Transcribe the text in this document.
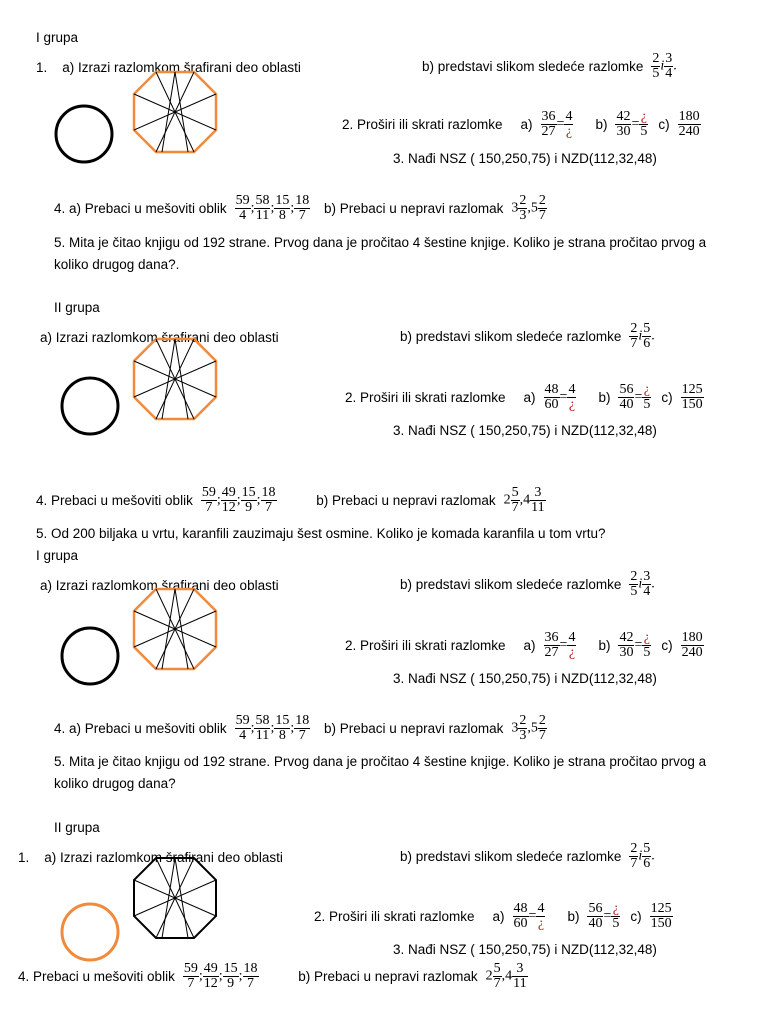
I grupa
1. a) Izrazi razlomkom šrafirani deo oblasti	b) predstavi slikom sledeće razlomke $\frac{2}{5}$ i $\frac{3}{4}$ .
2. Proširi ili skrati razlomke $a) \frac{36}{27} = \frac{4}{¿} b) \frac{42}{30} = \frac{¿}{5} c) \frac{180}{240}$
3. Nađi NSZ ( 150,250,75) i NZD(112,32,48)
4. a) Prebaci u mešoviti oblik $\frac{59}{4}$ ; $\frac{58}{11}$ ; $\frac{15}{8}$ ; $\frac{18}{7} b$) Prebaci u nepravi razlomak $3 \frac{2}{3} ,5 \frac{2}{7}$
5. Mita je čitao knjigu od 192 strane. Prvog dana je pročitao 4 šestine knjige. Koliko je strana pročitao prvog a
koliko drugog dana?.
II grupa
a) Izrazi razlomkom šrafirani deo oblasti	b) predstavi slikom sledeće razlomke $\frac{2}{7}$ i $\frac{5}{6}$ .
2. Proširi ili skrati razlomke $a) \frac{48}{60} = \frac{4}{¿} b) \frac{56}{40} = \frac{¿}{5} c) \frac{125}{150}$
3. Nađi NSZ ( 150,250,75) i NZD(112,32,48)
4. Prebaci u mešoviti oblik $\frac{59}{7}$ ; $\frac{49}{12}$ ; $\frac{15}{9}$ ; $\frac{18}{7}$	b) Prebaci u nepravi razlomak $2 \frac{5}{7} ,4 \frac{3}{11}$
5. Od 200 biljaka u vrtu, karanfili zauzimaju šest osmine. Koliko je komada karanfila u tom vrtu?
I grupa
a) Izrazi razlomkom šrafirani deo oblasti	b) predstavi slikom sledeće razlomke $\frac{2}{5}$ i $\frac{3}{4}$ .
2. Proširi ili skrati razlomke $a) \frac{36}{27} = \frac{4}{¿} b) \frac{42}{30} = \frac{¿}{5} c) \frac{180}{240}$
3. Nađi NSZ ( 150,250,75) i NZD(112,32,48)
4. a) Prebaci u mešoviti oblik $\frac{59}{4}$ ; $\frac{58}{11}$ ; $\frac{15}{8}$ ; $\frac{18}{7} b$) Prebaci u nepravi razlomak $3 \frac{2}{3} ,5 \frac{2}{7}$
5. Mita je čitao knjigu od 192 strane. Prvog dana je pročitao 4 šestine knjige. Koliko je strana pročitao prvog a
koliko drugog dana?
II grupa
1. a) Izrazi razlomkom šrafirani deo oblasti	b) predstavi slikom sledeće razlomke $\frac{2}{7}$ i $\frac{5}{6}$ .
2. Proširi ili skrati razlomke $a) \frac{48}{60} = \frac{4}{¿} b) \frac{56}{40} = \frac{¿}{5} c) \frac{125}{150}$
3. Nađi NSZ ( 150,250,75) i NZD(112,32,48)
4. Prebaci u mešoviti oblik $\frac{59}{7}$ ; $\frac{49}{12}$ ; $\frac{15}{9}$ ; $\frac{18}{7}$	b) Prebaci u nepravi razlomak $2 \frac{5}{7} ,4 \frac{3}{11}$
